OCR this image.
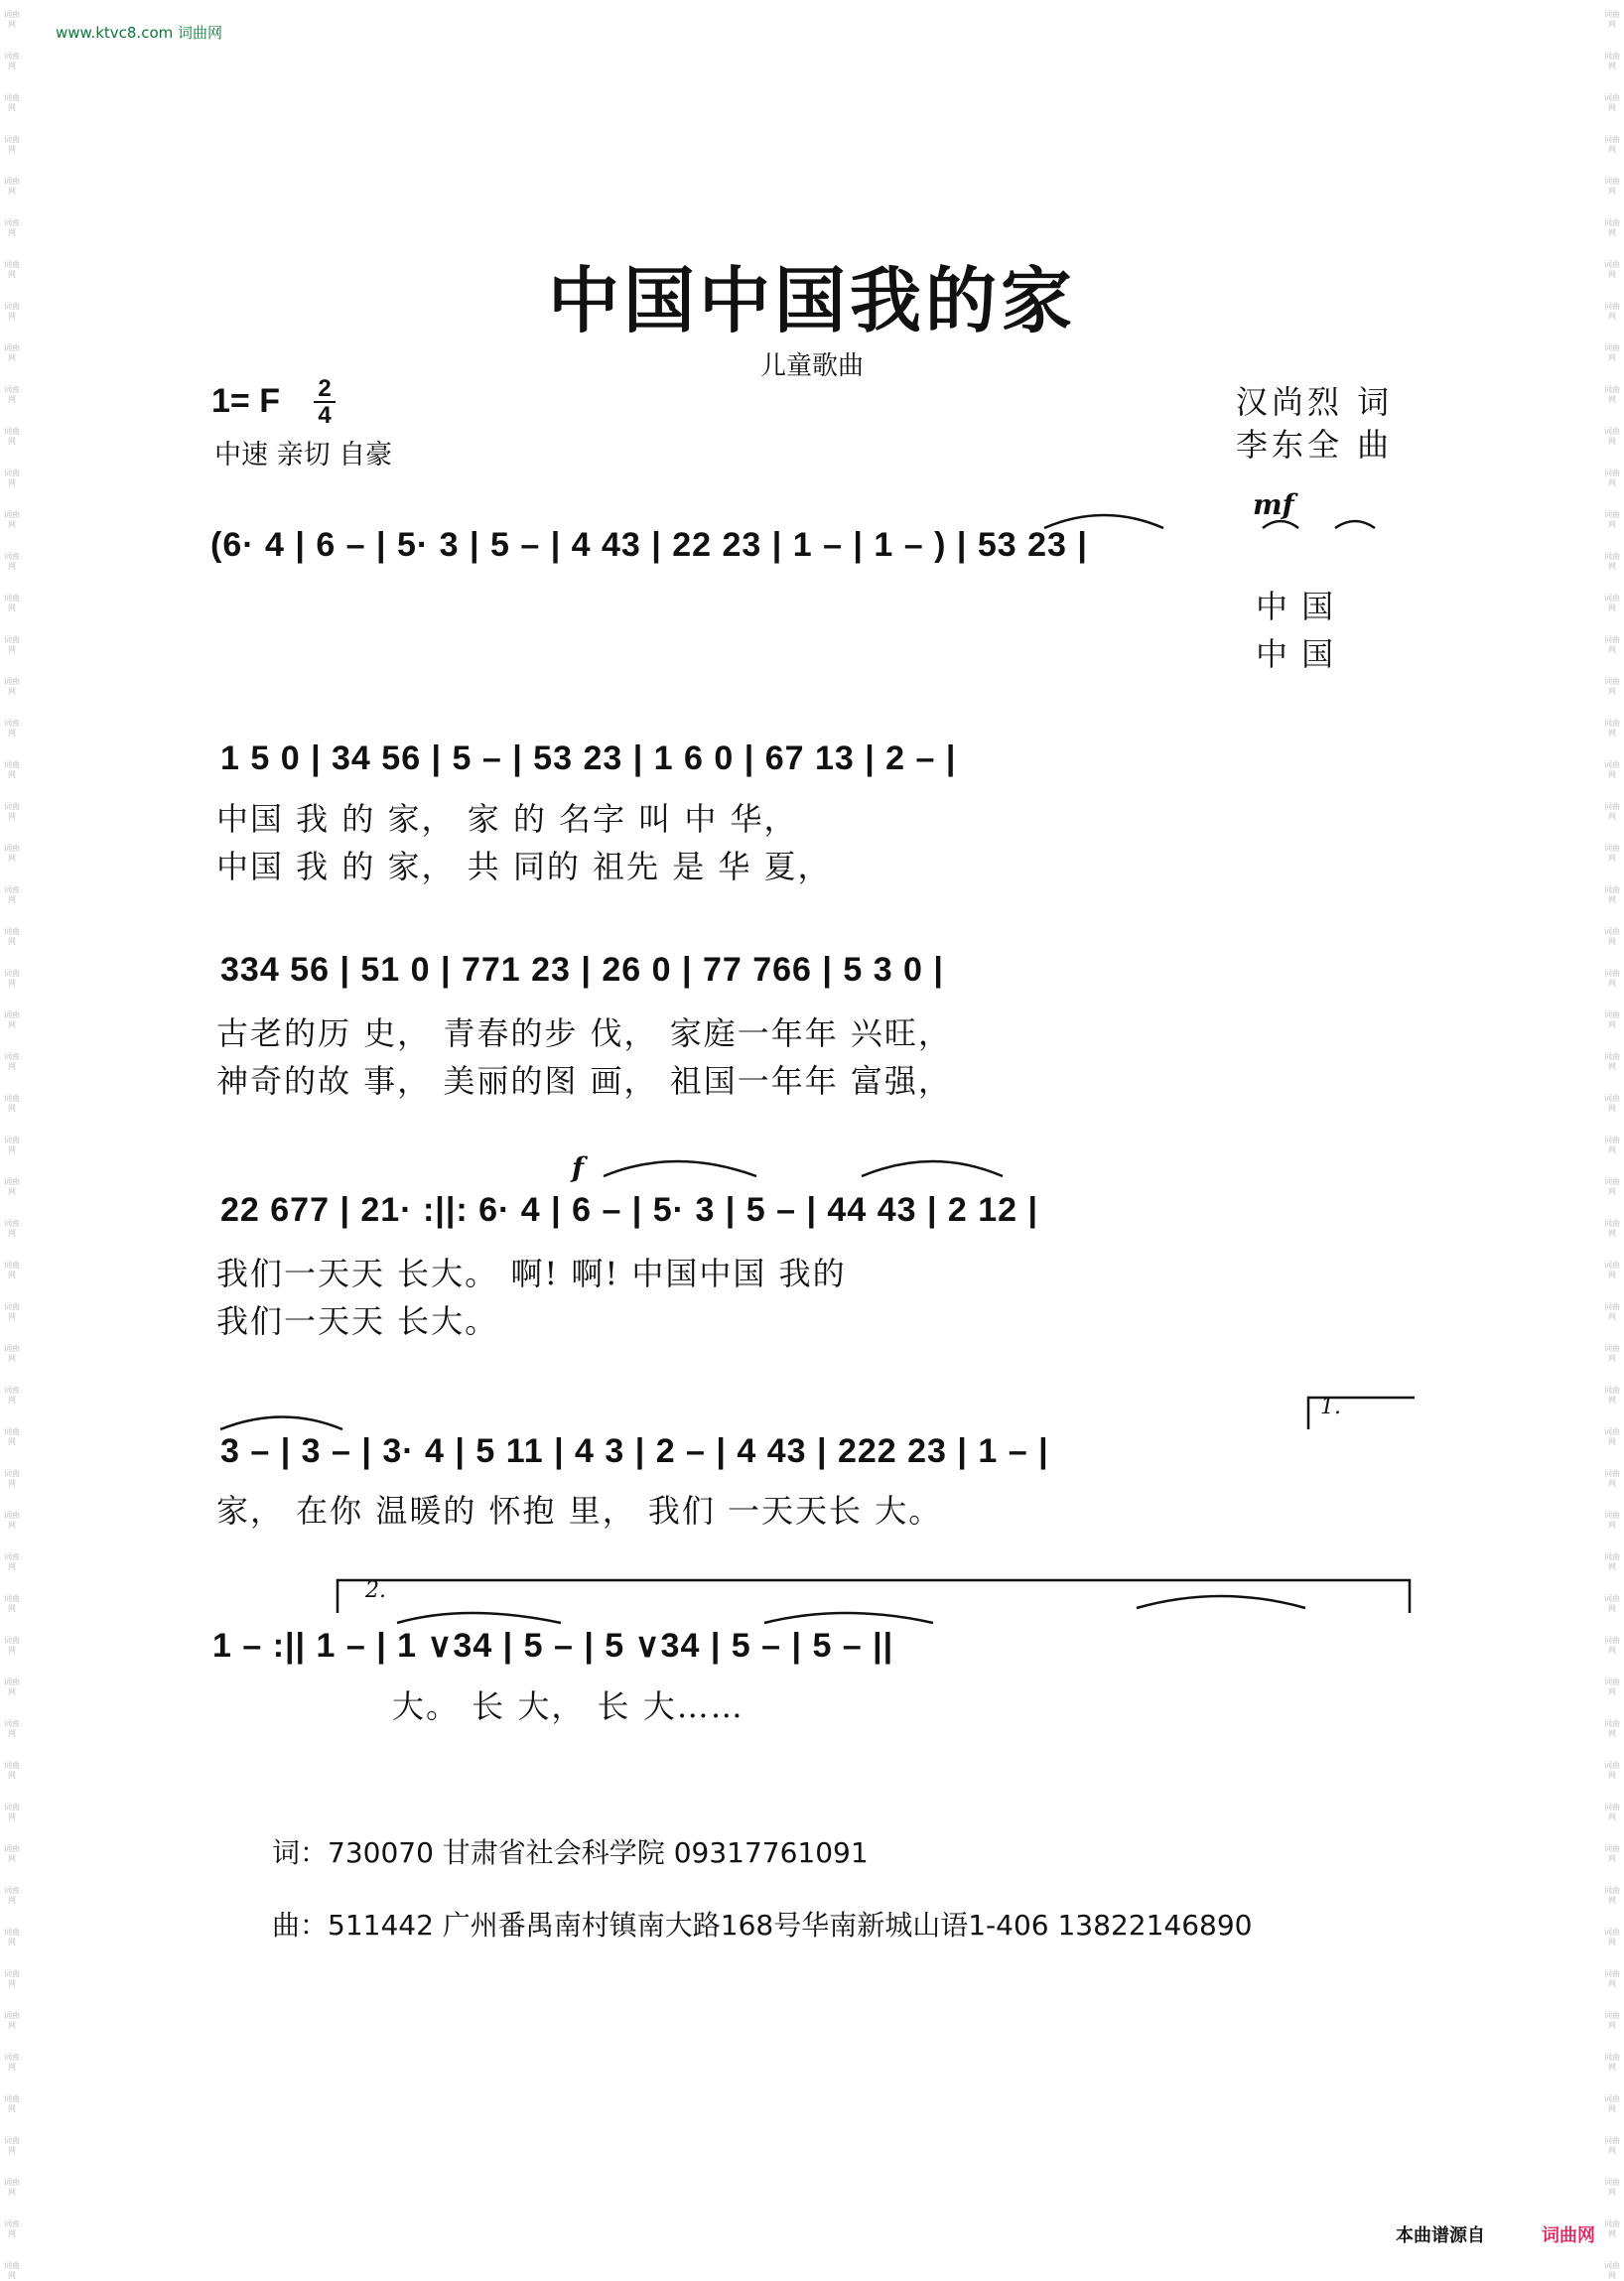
www.ktvc8.com 词曲网
词曲网
词曲网
词曲网
词曲网
词曲网
词曲网
词曲网
词曲网
词曲网
词曲网
词曲网
词曲网
词曲网
词曲网
词曲网
词曲网
词曲网
词曲网
词曲网
词曲网
词曲网
词曲网
词曲网
词曲网
词曲网
词曲网
词曲网
词曲网
词曲网
词曲网
词曲网
词曲网
词曲网
词曲网
词曲网
词曲网
词曲网
词曲网
词曲网
词曲网
词曲网
词曲网
词曲网
词曲网
词曲网
词曲网
词曲网
词曲网
词曲网
词曲网
词曲网
词曲网
词曲网
词曲网
词曲网
词曲网
词曲网
词曲网
词曲网
词曲网
词曲网
词曲网
词曲网
词曲网
词曲网
词曲网
词曲网
词曲网
词曲网
词曲网
词曲网
词曲网
词曲网
词曲网
词曲网
词曲网
词曲网
词曲网
词曲网
词曲网
词曲网
词曲网
词曲网
词曲网
词曲网
词曲网
词曲网
词曲网
词曲网
词曲网
词曲网
词曲网
词曲网
词曲网
词曲网
词曲网
词曲网
词曲网
词曲网
词曲网
词曲网
词曲网
词曲网
词曲网
词曲网
词曲网
词曲网
词曲网
词曲网
词曲网
中国中国我的家
儿童歌曲
1= F 2
4
中速 亲切 自豪
汉尚烈 词
李东全 曲
mf
(6· 4 | 6 – | 5· 3 | 5 – | 4 43 | 22 23 | 1 – | 1 – ) | 53 23 |
中 国
中 国
1 5 0 | 34 56 | 5 – | 53 23 | 1 6 0 | 67 13 | 2 – |
中国 我 的 家， 家 的 名字 叫 中 华，
中国 我 的 家， 共 同的 祖先 是 华 夏，
334 56 | 51 0 | 771 23 | 26 0 | 77 766 | 5 3 0 |
古老的历 史， 青春的步 伐， 家庭一年年 兴旺，
神奇的故 事， 美丽的图 画， 祖国一年年 富强，
f
22 677 | 21· :||: 6· 4 | 6 – | 5· 3 | 5 – | 44 43 | 2 12 |
我们一天天 长大。 啊! 啊! 中国中国 我的
我们一天天 长大。
1.
3 – | 3 – | 3· 4 | 5 11 | 4 3 | 2 – | 4 43 | 222 23 | 1 – |
家， 在你 温暖的 怀抱 里， 我们 一天天长 大。
2.
1 – :|| 1 – | 1 ∨34 | 5 – | 5 ∨34 | 5 – | 5 – ||
大。 长 大， 长 大……
词：730070 甘肃省社会科学院 09317761091
曲：511442 广州番禺南村镇南大路168号华南新城山语1-406 13822146890
本曲谱源自	词曲网
